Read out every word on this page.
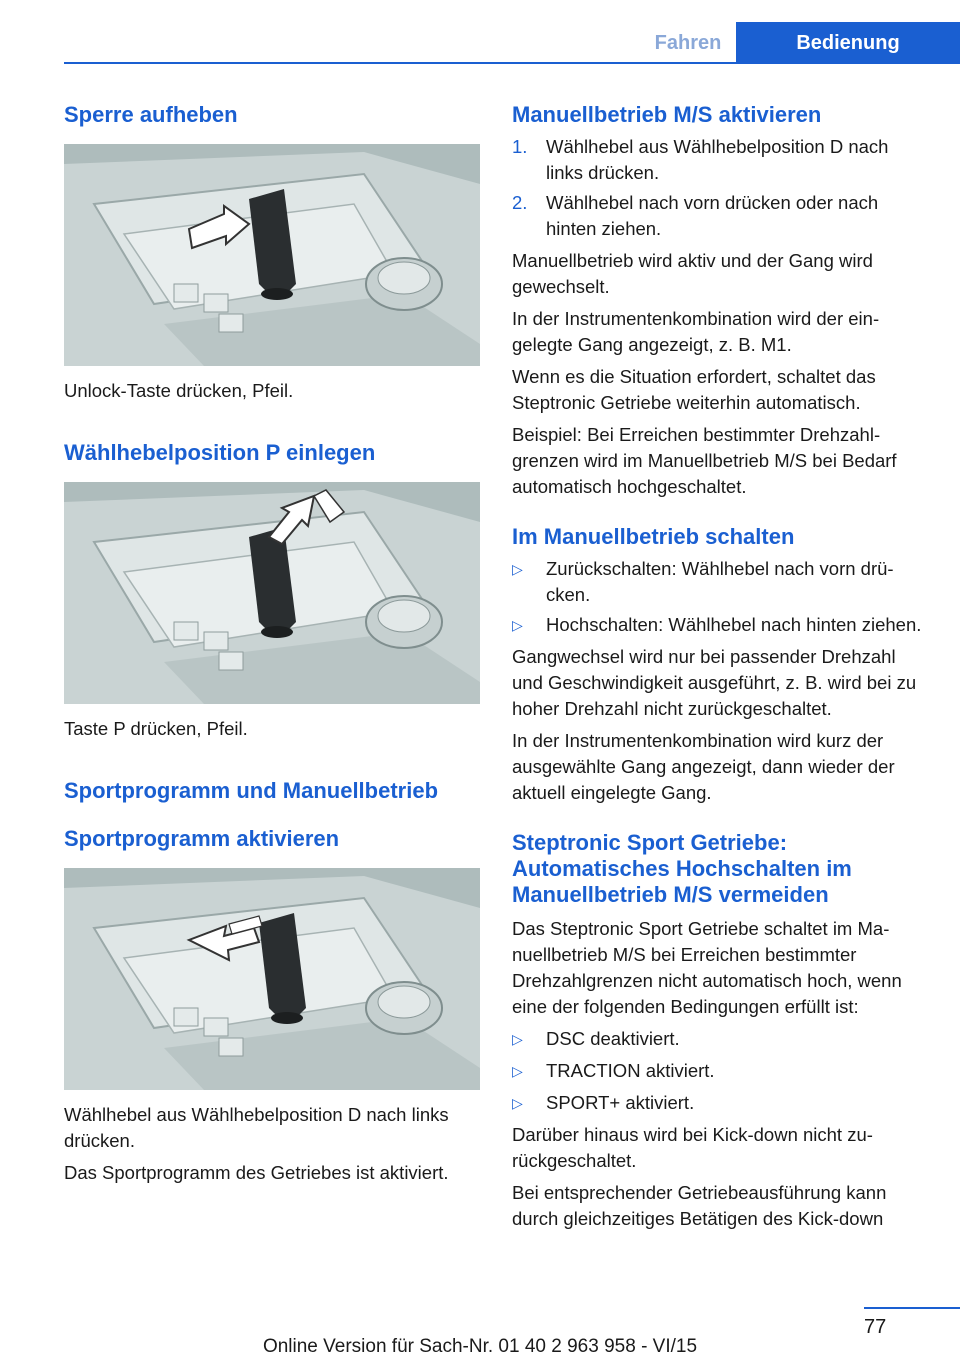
Fahren	Bedienung
Sperre aufheben

Unlock-Taste drücken, Pfeil.

Wählhebelposition P einlegen

Taste P drücken, Pfeil.

Sportprogramm und Manuellbetrieb
Sportprogramm aktivieren

Wählhebel aus Wählhebelposition D nach links drücken.

Das Sportprogramm des Getriebes ist aktiviert.

Manuellbetrieb M/S aktivieren
1. Wählhebel aus Wählhebelposition D nach links drücken.
2. Wählhebel nach vorn drücken oder nach hinten ziehen.

Manuellbetrieb wird aktiv und der Gang wird gewechselt.

In der Instrumentenkombination wird der eingelegte Gang angezeigt, z. B. M1.

Wenn es die Situation erfordert, schaltet das Steptronic Getriebe weiterhin automatisch.

Beispiel: Bei Erreichen bestimmter Drehzahlgrenzen wird im Manuellbetrieb M/S bei Bedarf automatisch hochgeschaltet.

Im Manuellbetrieb schalten
▷ Zurückschalten: Wählhebel nach vorn drücken.
▷ Hochschalten: Wählhebel nach hinten ziehen.

Gangwechsel wird nur bei passender Drehzahl und Geschwindigkeit ausgeführt, z. B. wird bei zu hoher Drehzahl nicht zurückgeschaltet.

In der Instrumentenkombination wird kurz der ausgewählte Gang angezeigt, dann wieder der aktuell eingelegte Gang.

Steptronic Sport Getriebe: Automatisches Hochschalten im Manuellbetrieb M/S vermeiden

Das Steptronic Sport Getriebe schaltet im Manuellbetrieb M/S bei Erreichen bestimmter Drehzahlgrenzen nicht automatisch hoch, wenn eine der folgenden Bedingungen erfüllt ist:

▷ DSC deaktiviert.
▷ TRACTION aktiviert.
▷ SPORT+ aktiviert.

Darüber hinaus wird bei Kick-down nicht zurückgeschaltet.

Bei entsprechender Getriebeausführung kann durch gleichzeitiges Betätigen des Kick-down

77
Online Version für Sach-Nr. 01 40 2 963 958 - VI/15
